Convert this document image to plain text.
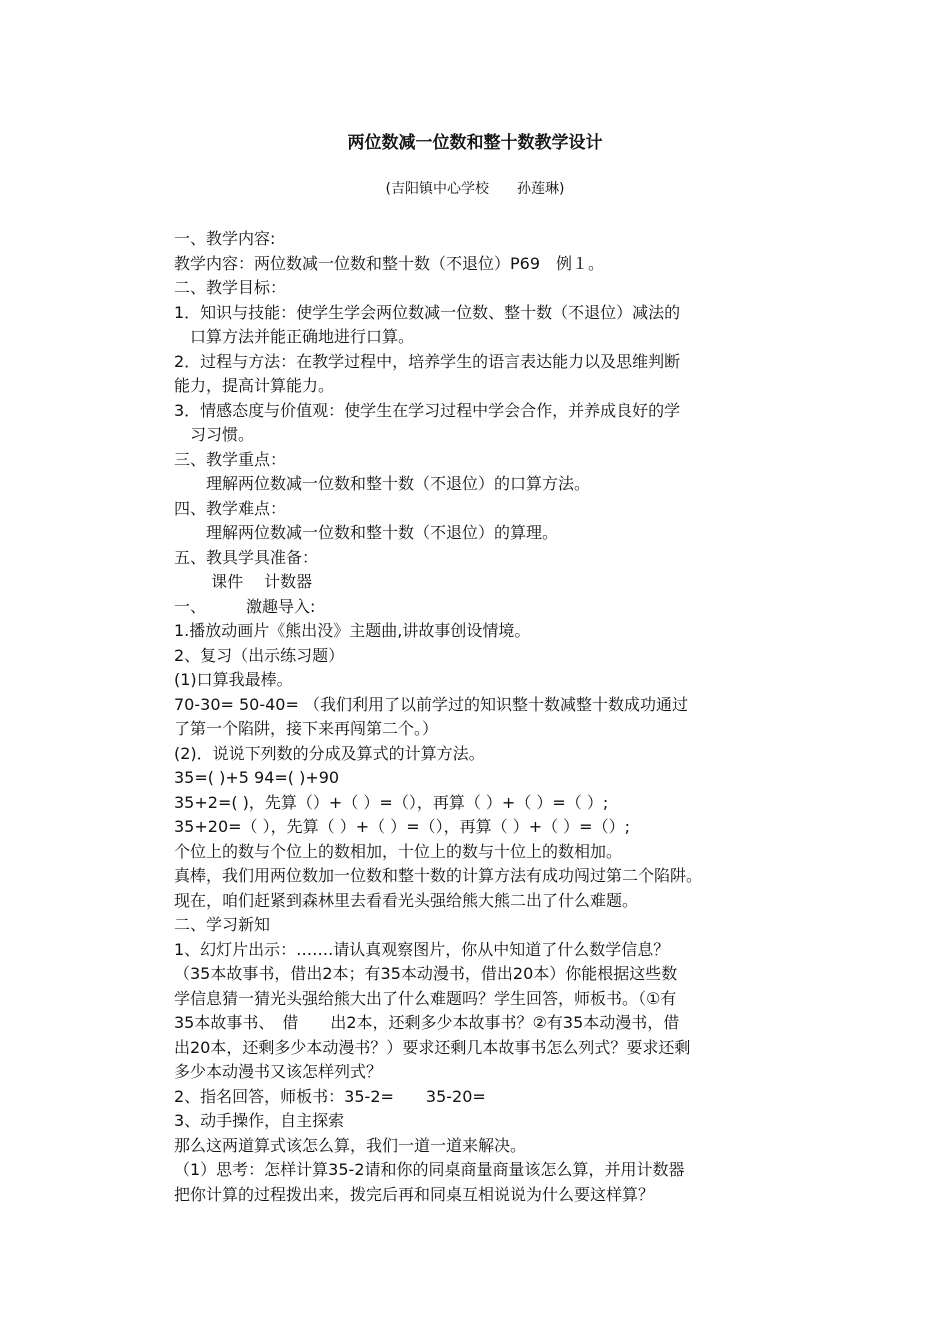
两位数减一位数和整十数教学设计
(吉阳镇中心学校　　孙莲琳)
一、教学内容:
教学内容：两位数减一位数和整十数（不退位）P69　例１。
二、教学目标：
1．知识与技能：使学生学会两位数减一位数、整十数（不退位）减法的
　口算方法并能正确地进行口算。
2．过程与方法：在教学过程中，培养学生的语言表达能力以及思维判断
能力，提高计算能力。
3．情感态度与价值观：使学生在学习过程中学会合作，并养成良好的学
　习习惯。
三、教学重点：
　　理解两位数减一位数和整十数（不退位）的口算方法。
四、教学难点：
　　理解两位数减一位数和整十数（不退位）的算理。
五、教具学具准备：
　　 课件　 计数器
一、　　　激趣导入:
1.播放动画片《熊出没》主题曲,讲故事创设情境。
2、复习（出示练习题）
(1)口算我最棒。
70-30= 50-40= （我们利用了以前学过的知识整十数减整十数成功通过
了第一个陷阱，接下来再闯第二个。）
(2)．说说下列数的分成及算式的计算方法。
35=( )+5 94=( )+90
35+2=( )，先算（）+（ ）=（），再算（ ）+（ ）=（ ）;
35+20=（ ），先算（ ）+（ ）=（），再算（ ）+（ ）=（）;
个位上的数与个位上的数相加，十位上的数与十位上的数相加。
真棒，我们用两位数加一位数和整十数的计算方法有成功闯过第二个陷阱。
现在，咱们赶紧到森林里去看看光头强给熊大熊二出了什么难题。
二、学习新知
1、幻灯片出示：…….请认真观察图片，你从中知道了什么数学信息？
（35本故事书，借出2本；有35本动漫书，借出20本）你能根据这些数
学信息猜一猜光头强给熊大出了什么难题吗？学生回答，师板书。（①有
35本故事书、　借　　出2本，还剩多少本故事书？②有35本动漫书，借
出20本，还剩多少本动漫书？）要求还剩几本故事书怎么列式？要求还剩
多少本动漫书又该怎样列式？
2、指名回答，师板书：35-2=　　35-20=
3、动手操作，自主探索
那么这两道算式该怎么算，我们一道一道来解决。
（1）思考：怎样计算35-2请和你的同桌商量商量该怎么算，并用计数器
把你计算的过程拨出来，拨完后再和同桌互相说说为什么要这样算？
